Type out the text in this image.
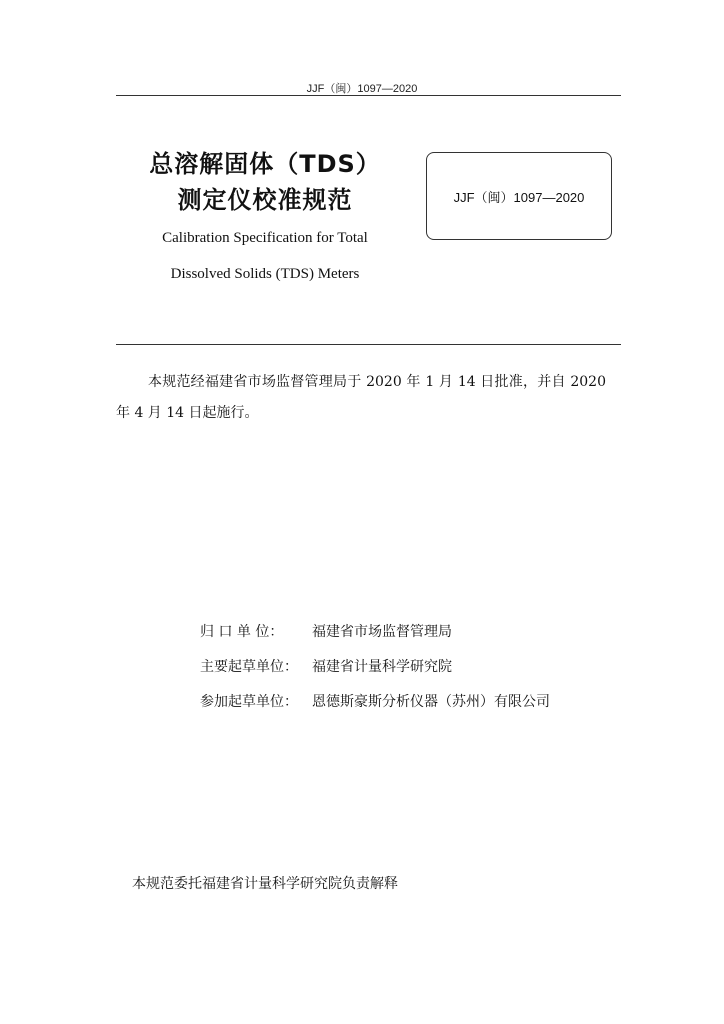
JJF（闽）1097—2020
总溶解固体（TDS）
测定仪校准规范
Calibration Specification for Total
Dissolved Solids (TDS) Meters
JJF（闽）1097—2020
本规范经福建省市场监督管理局于 2020 年 1 月 14 日批准，并自 2020 年 4 月 14 日起施行。
归 口 单 位：	福建省市场监督管理局
主要起草单位：	福建省计量科学研究院
参加起草单位：	恩德斯豪斯分析仪器（苏州）有限公司
本规范委托福建省计量科学研究院负责解释
